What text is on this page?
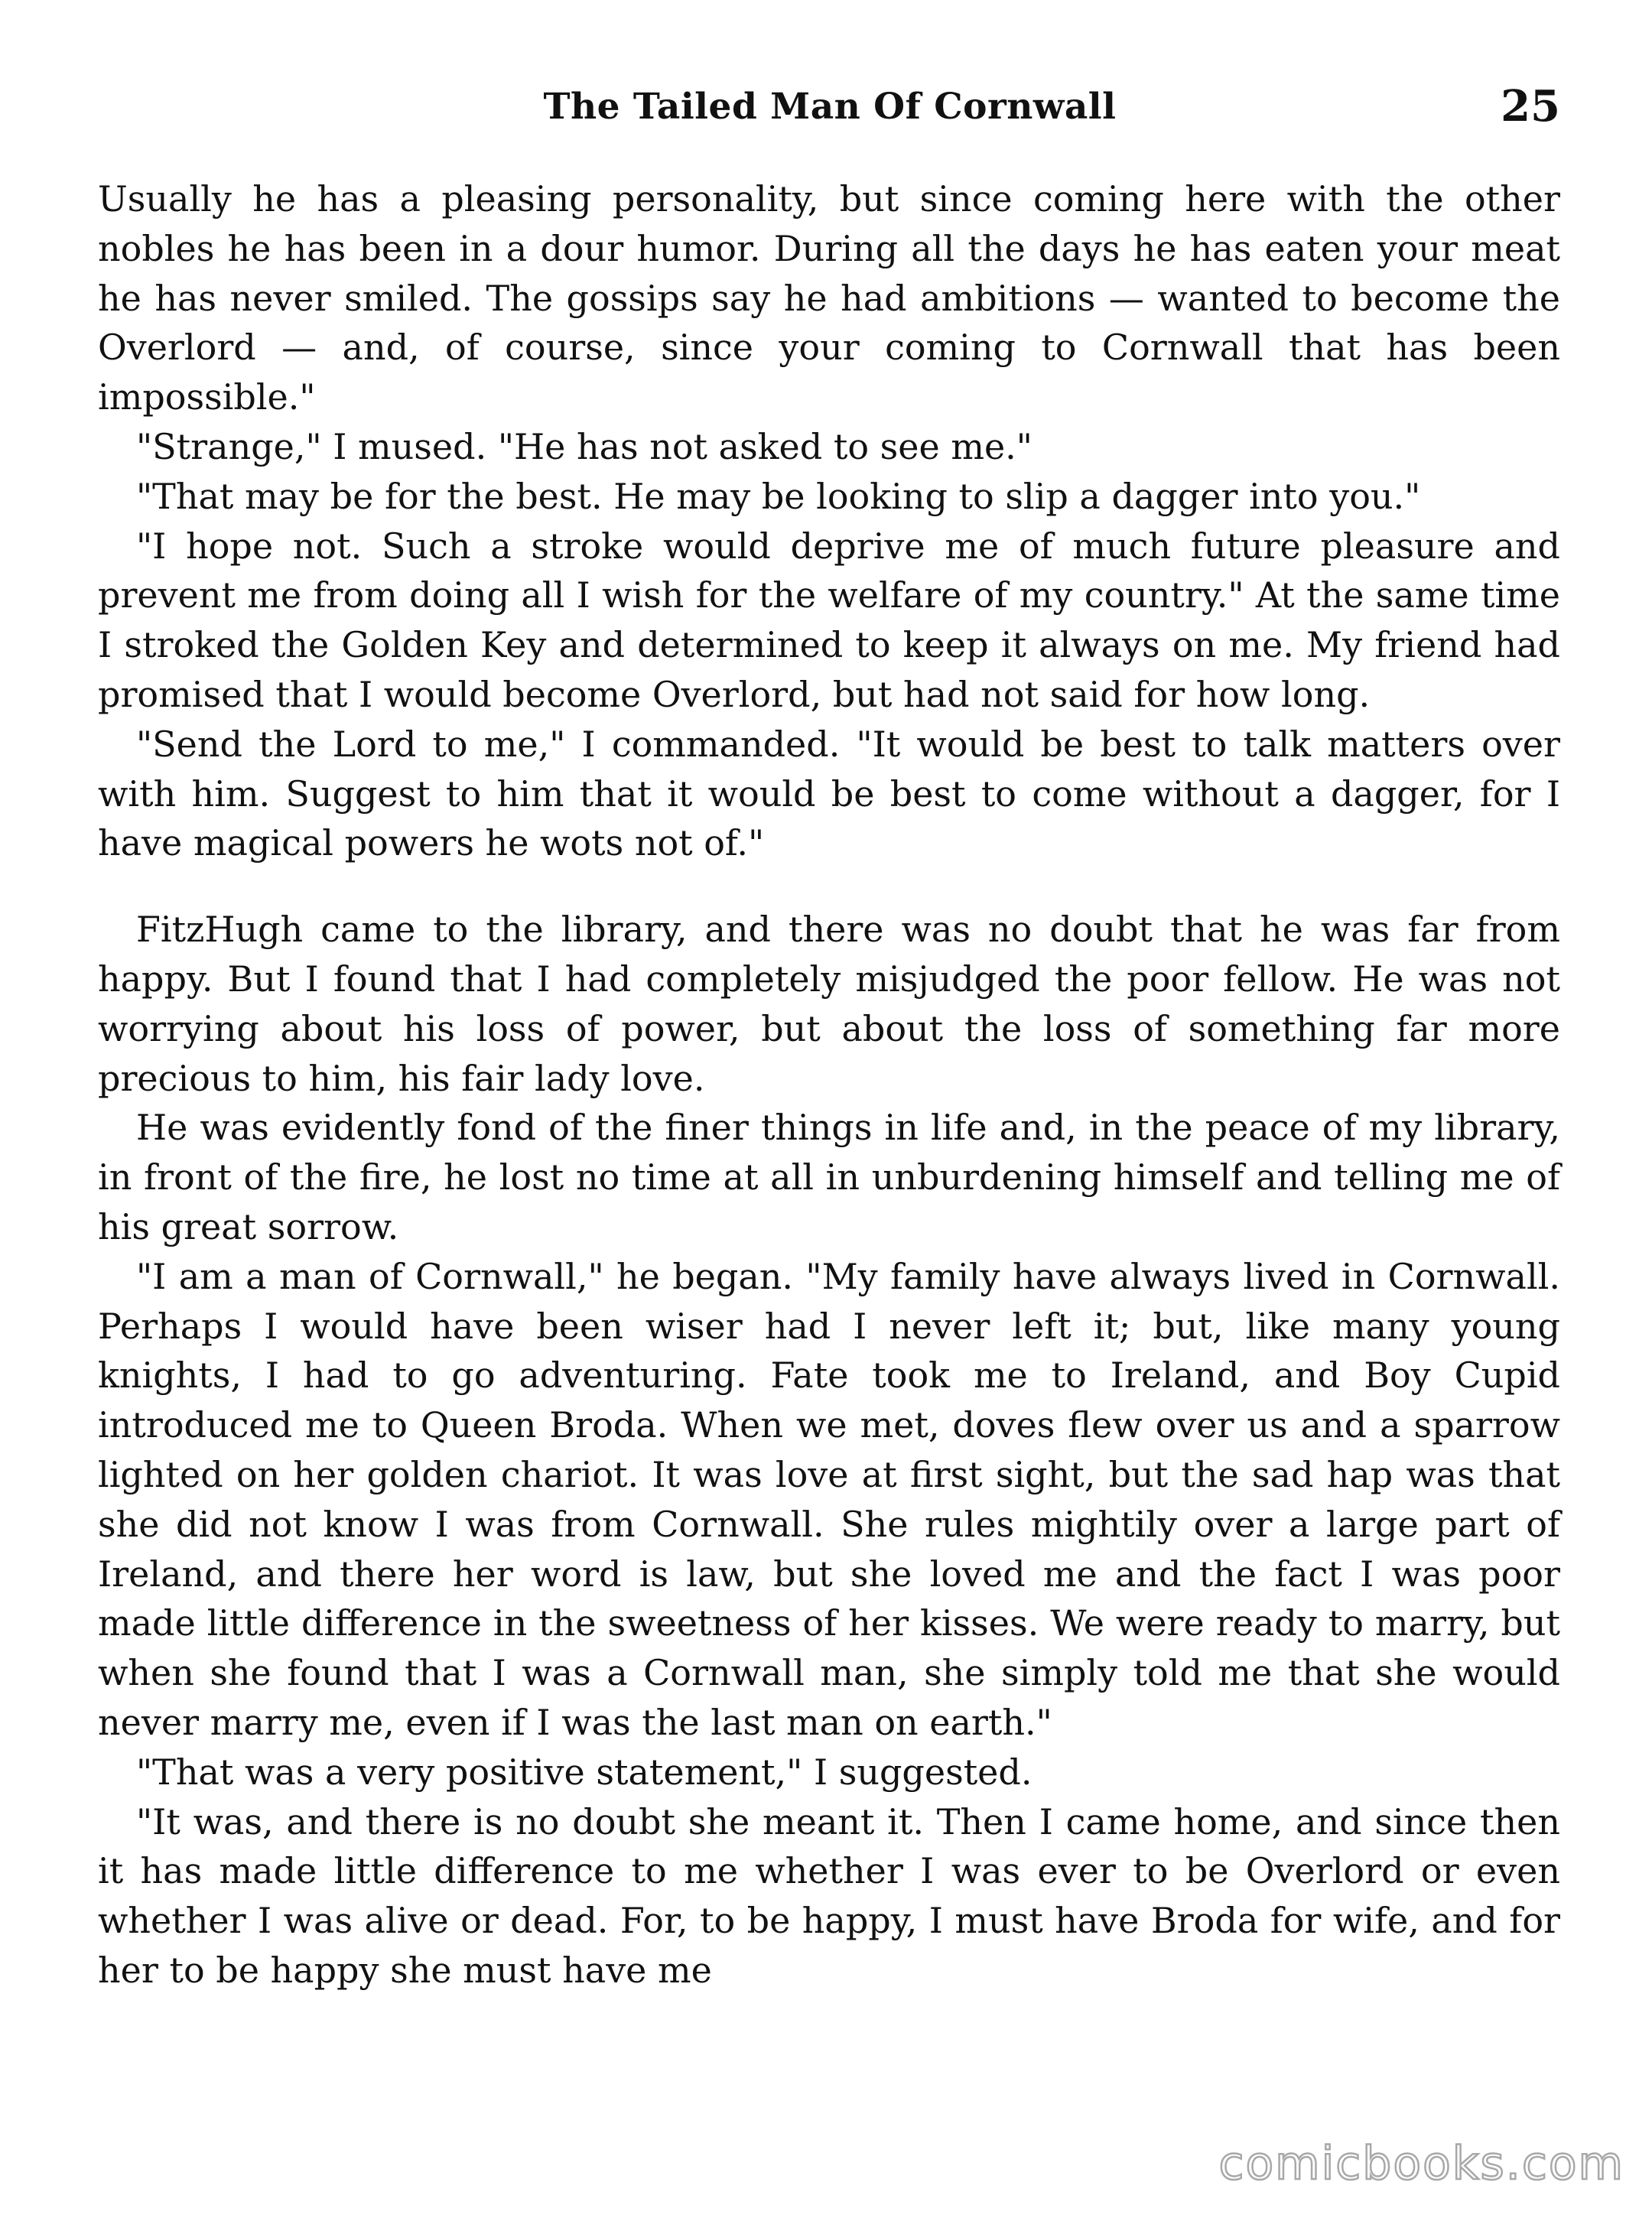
The Tailed Man Of Cornwall	25

Usually he has a pleasing personality, but since coming here with the other nobles he has been in a dour humor. During all the days he has eaten your meat he has never smiled. The gossips say he had ambitions — wanted to become the Overlord — and, of course, since your coming to Cornwall that has been impossible."

"Strange," I mused. "He has not asked to see me."

"That may be for the best. He may be looking to slip a dagger into you."

"I hope not. Such a stroke would deprive me of much future pleasure and prevent me from doing all I wish for the welfare of my country." At the same time I stroked the Golden Key and determined to keep it always on me. My friend had promised that I would become Overlord, but had not said for how long.

"Send the Lord to me," I commanded. "It would be best to talk matters over with him. Suggest to him that it would be best to come without a dagger, for I have magical powers he wots not of."

FitzHugh came to the library, and there was no doubt that he was far from happy. But I found that I had completely misjudged the poor fellow. He was not worrying about his loss of power, but about the loss of something far more precious to him, his fair lady love.

He was evidently fond of the finer things in life and, in the peace of my library, in front of the fire, he lost no time at all in unburdening himself and telling me of his great sorrow.

"I am a man of Cornwall," he began. "My family have always lived in Cornwall. Perhaps I would have been wiser had I never left it; but, like many young knights, I had to go adventuring. Fate took me to Ireland, and Boy Cupid introduced me to Queen Broda. When we met, doves flew over us and a sparrow lighted on her golden chariot. It was love at first sight, but the sad hap was that she did not know I was from Cornwall. She rules mightily over a large part of Ireland, and there her word is law, but she loved me and the fact I was poor made little difference in the sweetness of her kisses. We were ready to marry, but when she found that I was a Cornwall man, she simply told me that she would never marry me, even if I was the last man on earth."

"That was a very positive statement," I suggested.

"It was, and there is no doubt she meant it. Then I came home, and since then it has made little difference to me whether I was ever to be Overlord or even whether I was alive or dead. For, to be happy, I must have Broda for wife, and for her to be happy she must have me

comicbooks.com
